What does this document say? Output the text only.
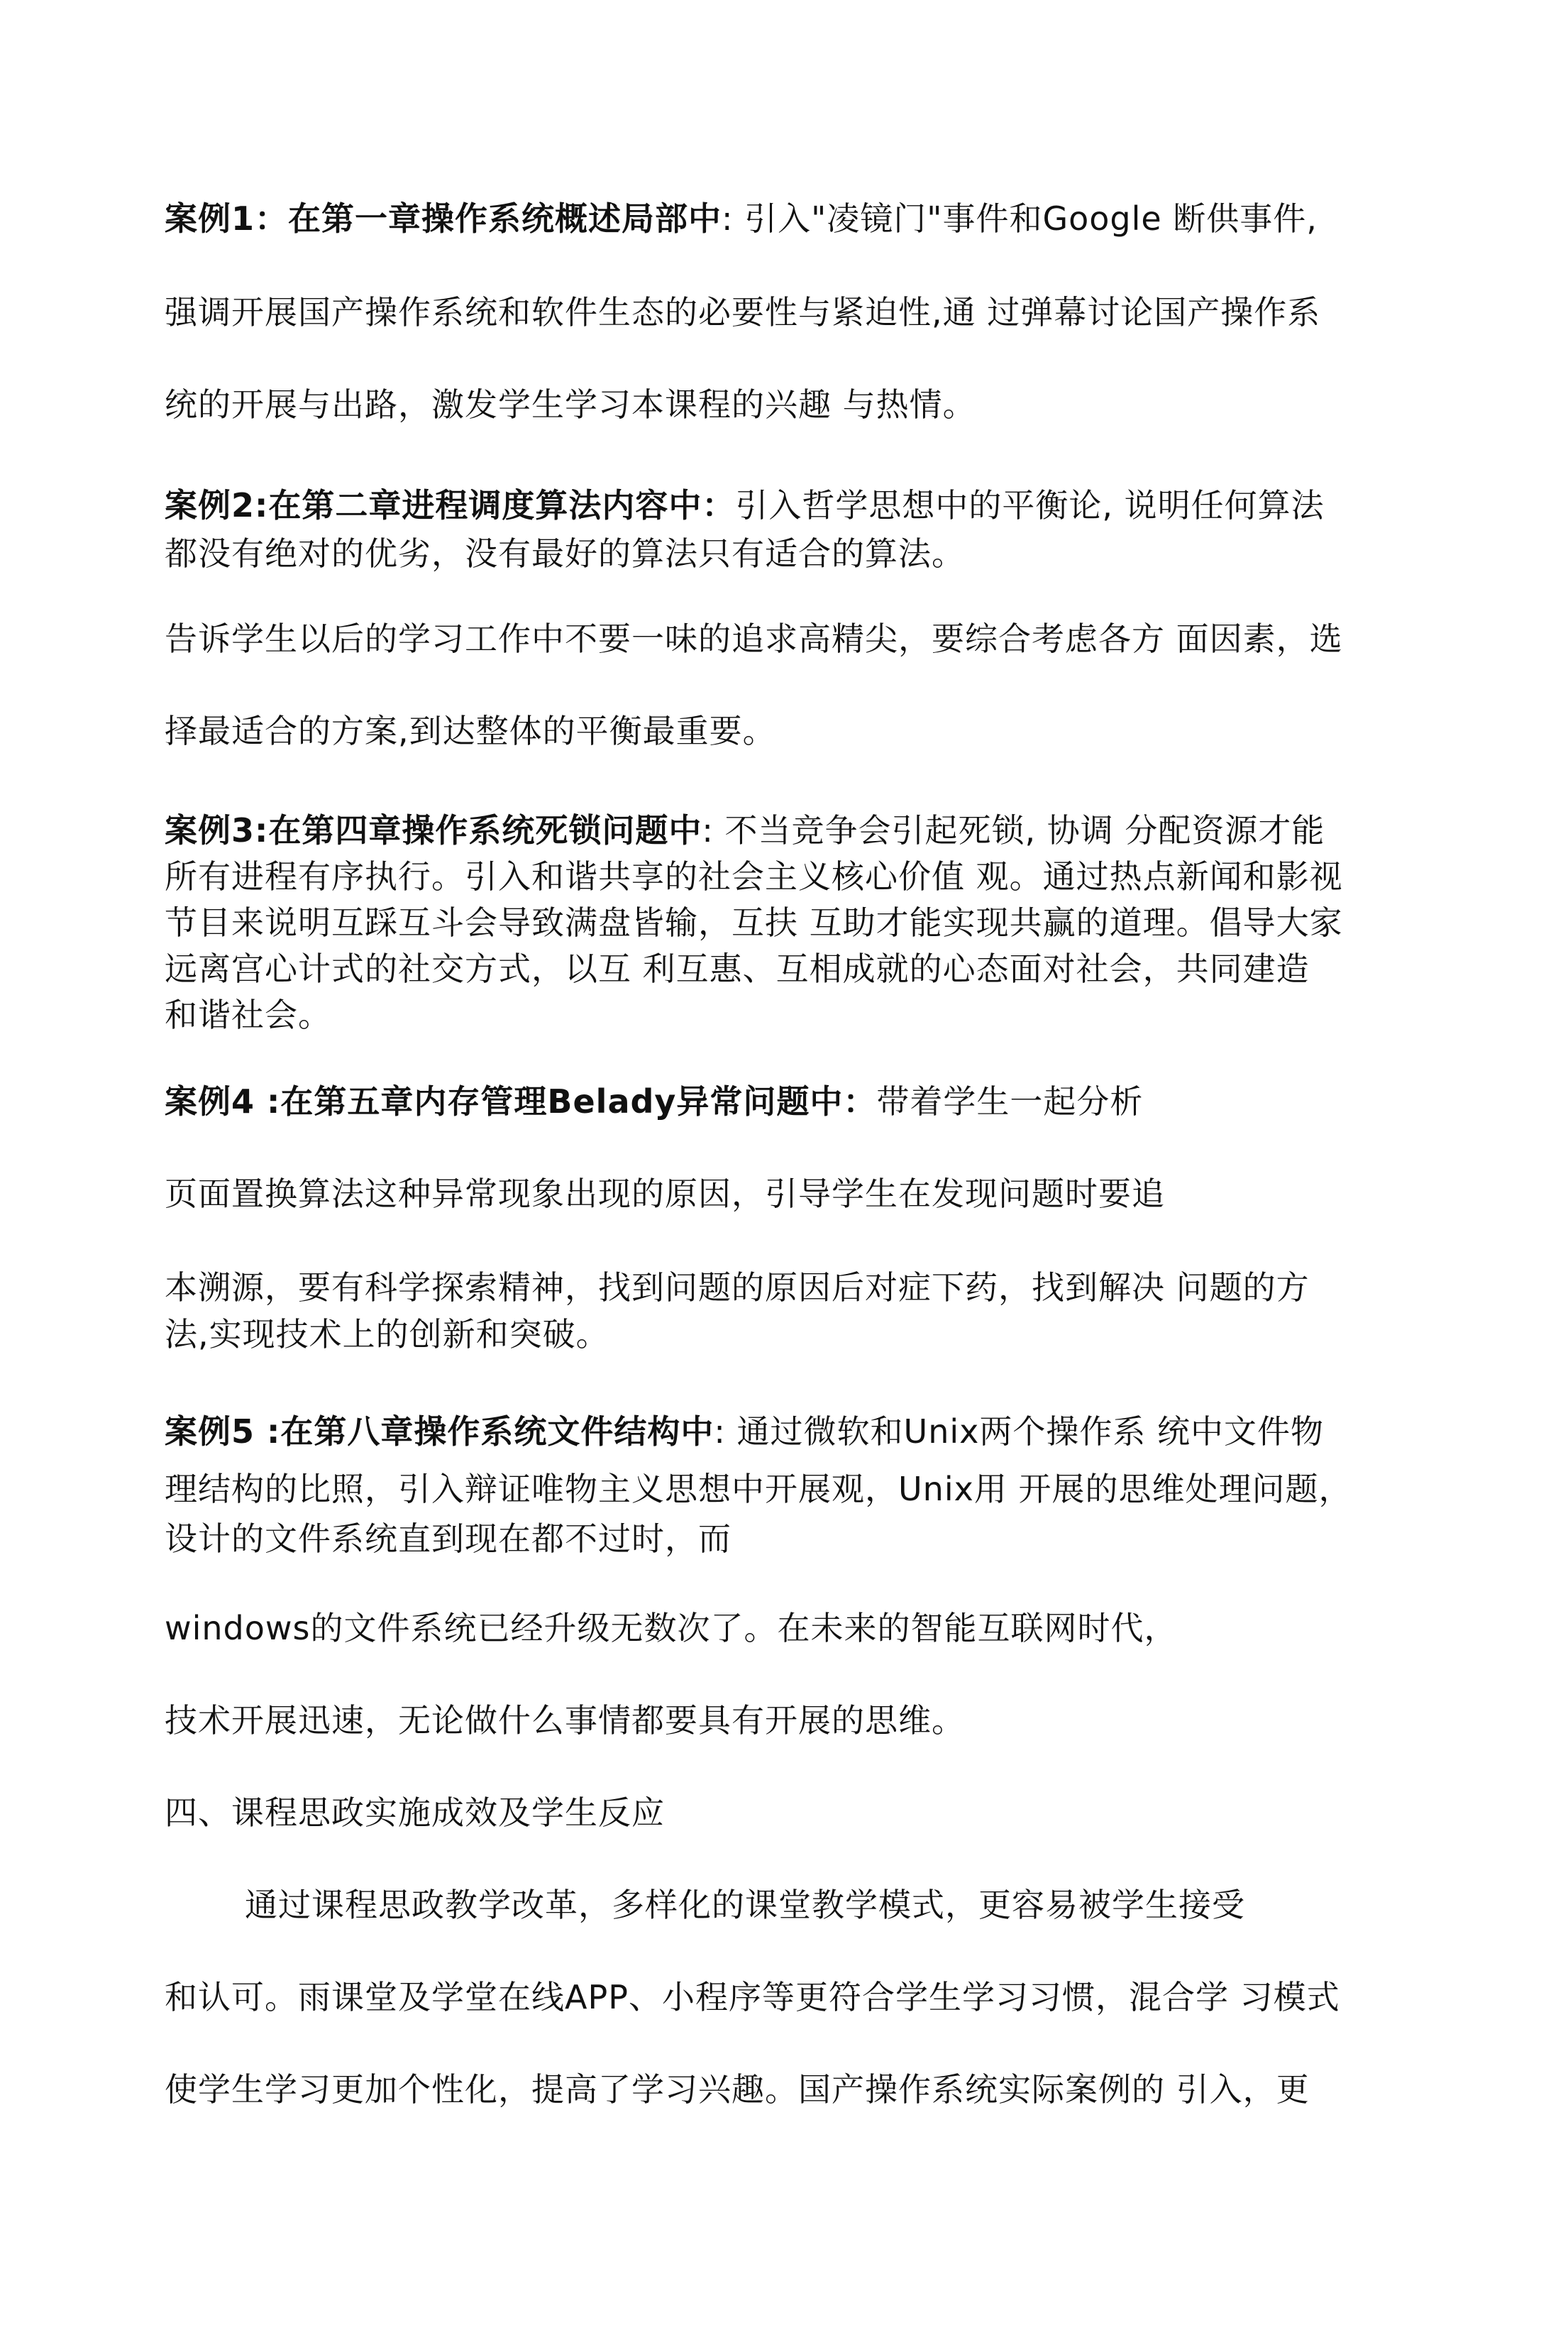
案例1：在第一章操作系统概述局部中: 引入"凌镜门"事件和Google 断供事件,
强调开展国产操作系统和软件生态的必要性与紧迫性,通 过弹幕讨论国产操作系
统的开展与出路，激发学生学习本课程的兴趣 与热情。
案例2:在第二章进程调度算法内容中：引入哲学思想中的平衡论, 说明任何算法
都没有绝对的优劣，没有最好的算法只有适合的算法。
告诉学生以后的学习工作中不要一味的追求高精尖，要综合考虑各方 面因素，选
择最适合的方案,到达整体的平衡最重要。
案例3:在第四章操作系统死锁问题中: 不当竞争会引起死锁, 协调 分配资源才能
所有进程有序执行。引入和谐共享的社会主义核心价值 观。通过热点新闻和影视
节目来说明互踩互斗会导致满盘皆输，互扶 互助才能实现共赢的道理。倡导大家
远离宫心计式的社交方式，以互 利互惠、互相成就的心态面对社会，共同建造
和谐社会。
案例4 :在第五章内存管理Belady异常问题中：带着学生一起分析
页面置换算法这种异常现象出现的原因，引导学生在发现问题时要追
本溯源，要有科学探索精神，找到问题的原因后对症下药，找到解决 问题的方
法,实现技术上的创新和突破。
案例5 :在第八章操作系统文件结构中: 通过微软和Unix两个操作系 统中文件物
理结构的比照，引入辩证唯物主义思想中开展观，Unix用 开展的思维处理问题，
设计的文件系统直到现在都不过时，而
windows的文件系统已经升级无数次了。在未来的智能互联网时代，
技术开展迅速，无论做什么事情都要具有开展的思维。
四、课程思政实施成效及学生反应
通过课程思政教学改革，多样化的课堂教学模式，更容易被学生接受
和认可。雨课堂及学堂在线APP、小程序等更符合学生学习习惯，混合学 习模式
使学生学习更加个性化，提高了学习兴趣。国产操作系统实际案例的 引入，更
